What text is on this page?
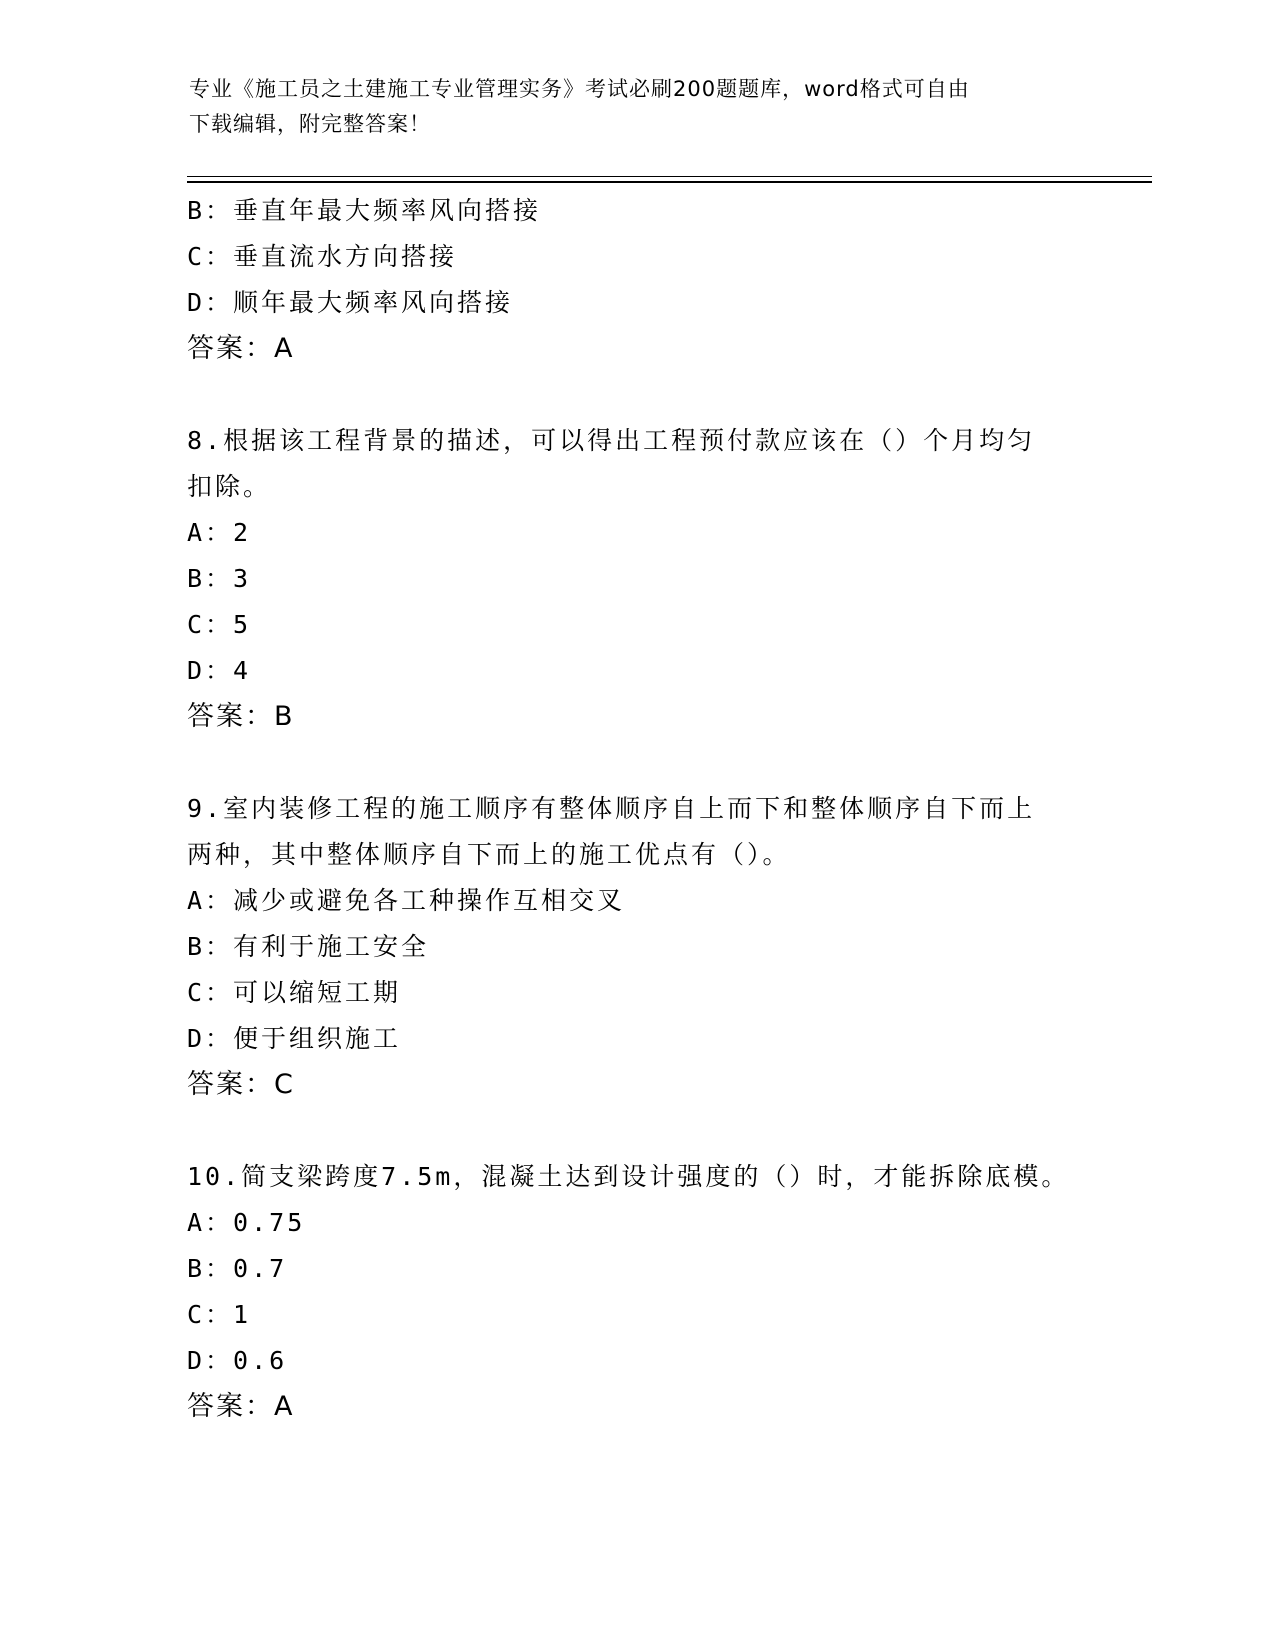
专业《施工员之土建施工专业管理实务》考试必刷200题题库，word格式可自由
下载编辑，附完整答案！
B：垂直年最大频率风向搭接
C：垂直流水方向搭接
D：顺年最大频率风向搭接
答案：A
8.根据该工程背景的描述，可以得出工程预付款应该在（）个月均匀
扣除。
A：2
B：3
C：5
D：4
答案：B
9.室内装修工程的施工顺序有整体顺序自上而下和整体顺序自下而上
两种，其中整体顺序自下而上的施工优点有（）。
A：减少或避免各工种操作互相交叉
B：有利于施工安全
C：可以缩短工期
D：便于组织施工
答案：C
10.简支梁跨度7.5m，混凝土达到设计强度的（）时，才能拆除底模。
A：0.75
B：0.7
C：1
D：0.6
答案：A
